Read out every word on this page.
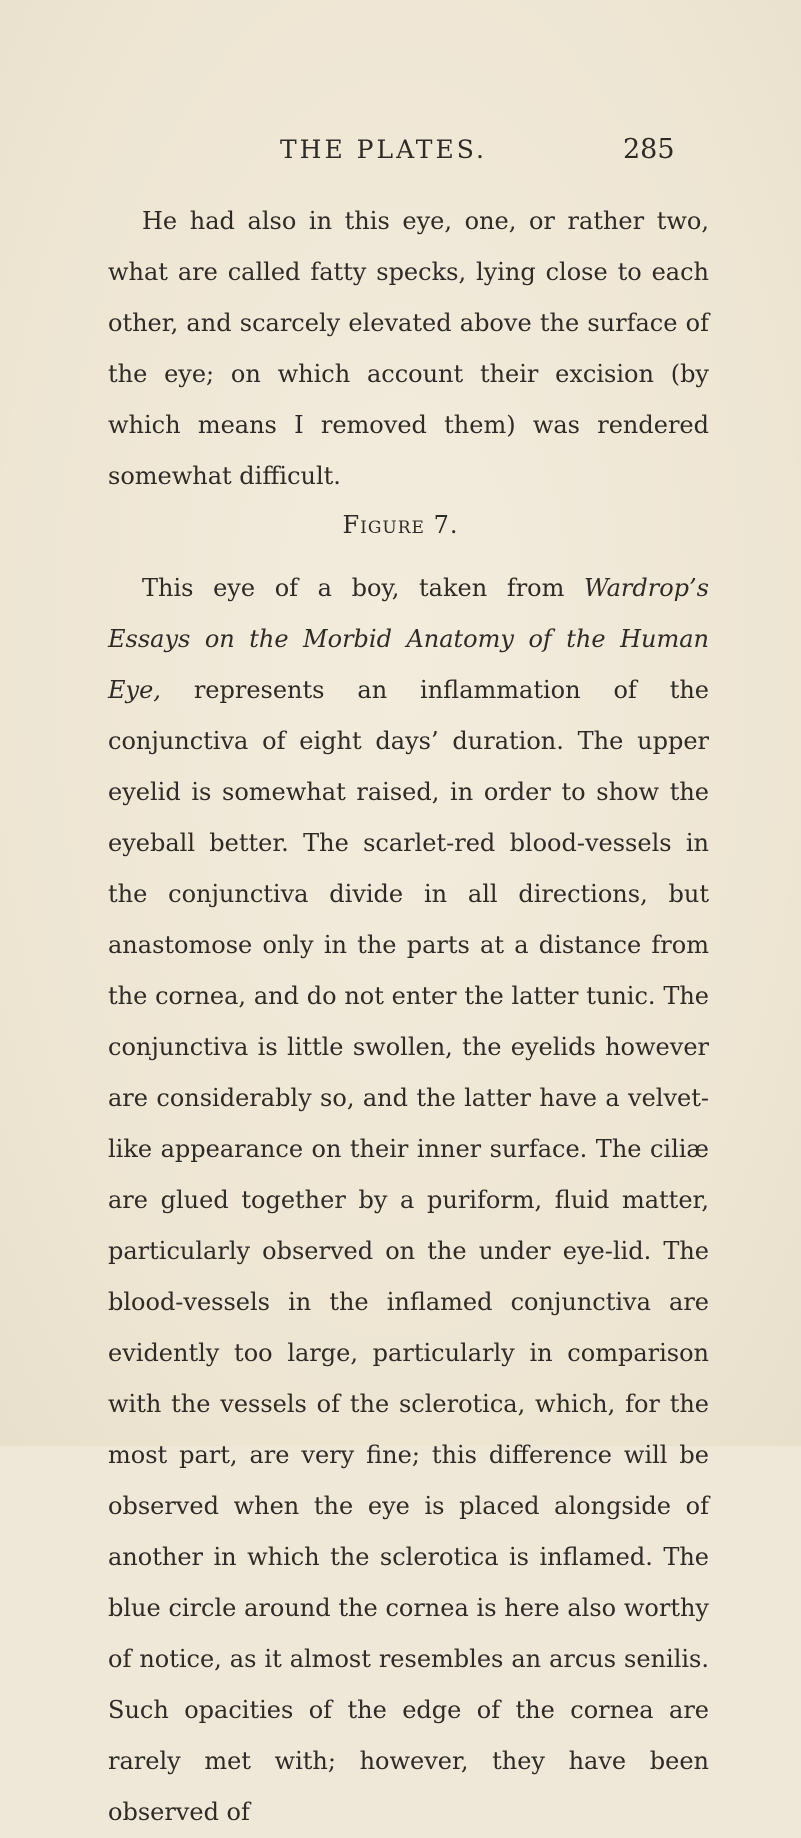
THE PLATES.	285

He had also in this eye, one, or rather two, what are called fatty specks, lying close to each other, and scarcely elevated above the surface of the eye; on which account their excision (by which means I removed them) was rendered somewhat difficult.

Figure 7.

This eye of a boy, taken from Wardrop’s Essays on the Morbid Anatomy of the Human Eye, represents an inflammation of the conjunctiva of eight days’ duration. The upper eyelid is somewhat raised, in order to show the eyeball better. The scarlet-red blood-vessels in the conjunctiva divide in all directions, but anastomose only in the parts at a distance from the cornea, and do not enter the latter tunic. The conjunctiva is little swollen, the eyelids however are considerably so, and the latter have a velvet-like appearance on their inner surface. The ciliæ are glued together by a puriform, fluid matter, particularly observed on the under eye-lid. The blood-vessels in the inflamed conjunctiva are evidently too large, particularly in comparison with the vessels of the sclerotica, which, for the most part, are very fine; this difference will be observed when the eye is placed alongside of another in which the sclerotica is inflamed. The blue circle around the cornea is here also worthy of notice, as it almost resembles an arcus senilis. Such opacities of the edge of the cornea are rarely met with; however, they have been observed of
